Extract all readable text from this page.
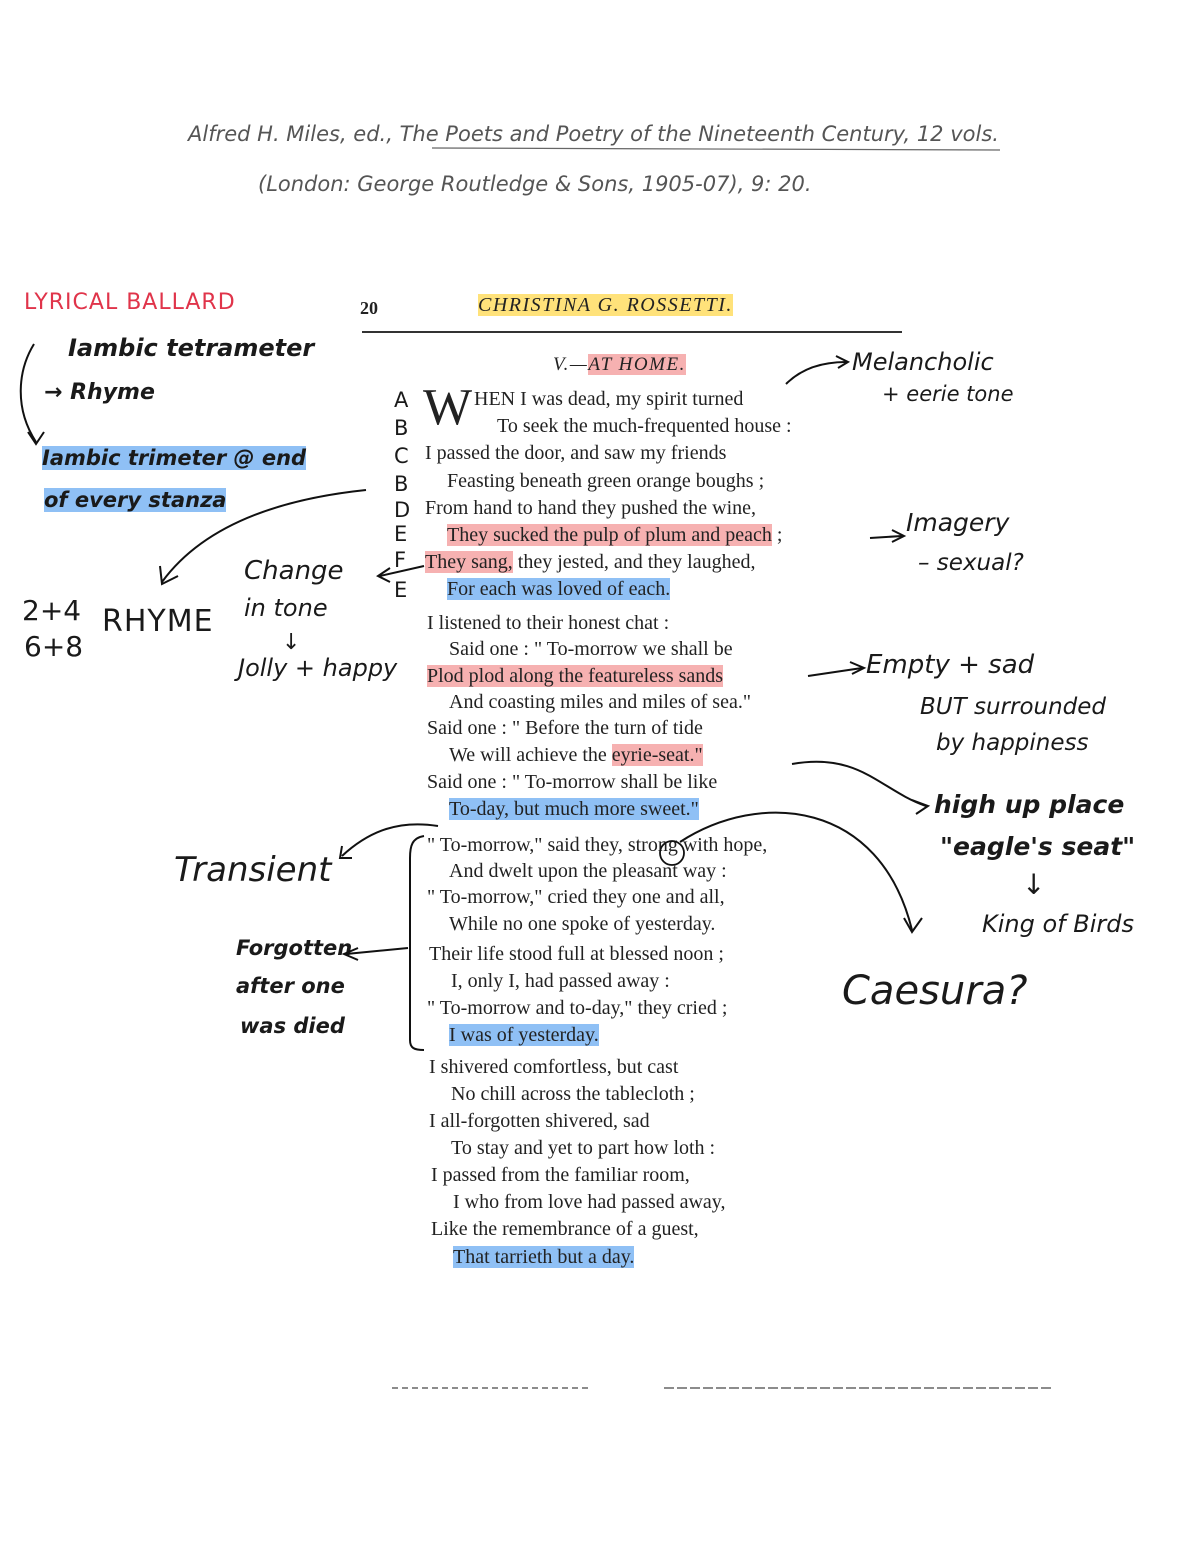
Alfred H. Miles, ed., The Poets and Poetry of the Nineteenth Century, 12 vols.
(London: George Routledge & Sons, 1905-07), 9: 20.
20	CHRISTINA G. ROSSETTI.
V.—AT HOME.
W HEN I was dead, my spirit turned
To seek the much-frequented house :
I passed the door, and saw my friends
Feasting beneath green orange boughs ;
From hand to hand they pushed the wine,
They sucked the pulp of plum and peach ;
They sang, they jested, and they laughed,
For each was loved of each.
I listened to their honest chat :
Said one : " To-morrow we shall be
Plod plod along the featureless sands
And coasting miles and miles of sea."
Said one : " Before the turn of tide
We will achieve the eyrie-seat."
Said one : " To-morrow shall be like
To-day, but much more sweet."
" To-morrow," said they, strong with hope,
And dwelt upon the pleasant way :
" To-morrow," cried they one and all,
While no one spoke of yesterday.
Their life stood full at blessed noon ;
I, only I, had passed away :
" To-morrow and to-day," they cried ;
I was of yesterday.
I shivered comfortless, but cast
No chill across the tablecloth ;
I all-forgotten shivered, sad
To stay and yet to part how loth :
I passed from the familiar room,
I who from love had passed away,
Like the remembrance of a guest,
That tarrieth but a day.
A
B
C
B
D
E
F
E
LYRICAL BALLARD
Iambic tetrameter
→ Rhyme
Iambic trimeter @ end
of every stanza
2+4
6+8
RHYME
Change
in tone
↓
Jolly + happy
Melancholic
+ eerie tone
Imagery
– sexual?
Empty + sad
BUT surrounded
by happiness
high up place
"eagle's seat"
↓
King of Birds
Transient
Forgotten
after one
was died
Caesura?
